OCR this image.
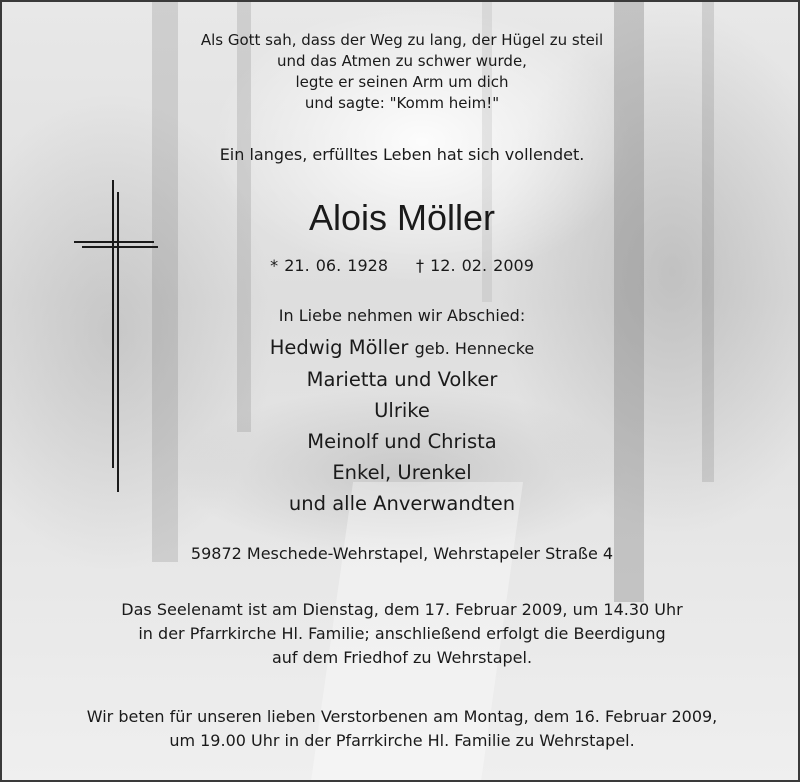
Als Gott sah, dass der Weg zu lang, der Hügel zu steil

und das Atmen zu schwer wurde,

legte er seinen Arm um dich

und sagte: "Komm heim!"

Ein langes, erfülltes Leben hat sich vollendet.
Alois Möller
* 21. 06. 1928 † 12. 02. 2009
In Liebe nehmen wir Abschied:

Hedwig Möller geb. Hennecke

Marietta und Volker

Ulrike

Meinolf und Christa

Enkel, Urenkel

und alle Anverwandten

59872 Meschede-Wehrstapel, Wehrstapeler Straße 4

Das Seelenamt ist am Dienstag, dem 17. Februar 2009, um 14.30 Uhr

in der Pfarrkirche Hl. Familie; anschließend erfolgt die Beerdigung

auf dem Friedhof zu Wehrstapel.

Wir beten für unseren lieben Verstorbenen am Montag, dem 16. Februar 2009,

um 19.00 Uhr in der Pfarrkirche Hl. Familie zu Wehrstapel.
